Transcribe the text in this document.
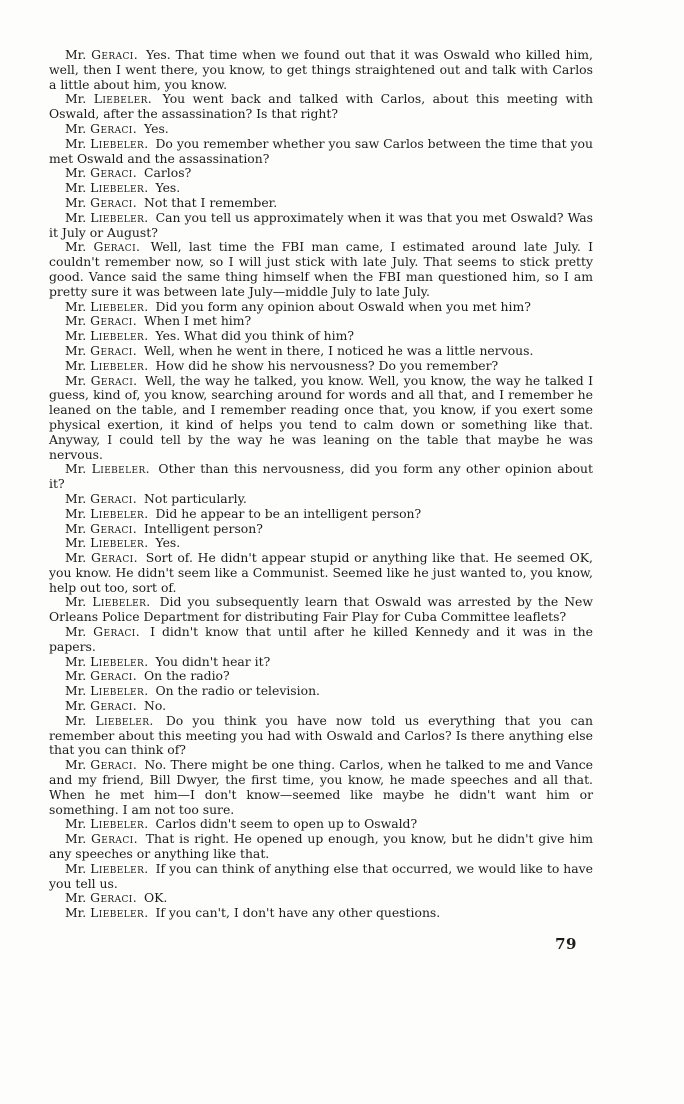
Mr. Geraci. Yes. That time when we found out that it was Oswald who killed him, well, then I went there, you know, to get things straightened out and talk with Carlos a little about him, you know.

Mr. Liebeler. You went back and talked with Carlos, about this meeting with Oswald, after the assassination? Is that right?

Mr. Geraci. Yes.

Mr. Liebeler. Do you remember whether you saw Carlos between the time that you met Oswald and the assassination?

Mr. Geraci. Carlos?

Mr. Liebeler. Yes.

Mr. Geraci. Not that I remember.

Mr. Liebeler. Can you tell us approximately when it was that you met Oswald? Was it July or August?

Mr. Geraci. Well, last time the FBI man came, I estimated around late July. I couldn't remember now, so I will just stick with late July. That seems to stick pretty good. Vance said the same thing himself when the FBI man questioned him, so I am pretty sure it was between late July—middle July to late July.

Mr. Liebeler. Did you form any opinion about Oswald when you met him?

Mr. Geraci. When I met him?

Mr. Liebeler. Yes. What did you think of him?

Mr. Geraci. Well, when he went in there, I noticed he was a little nervous.

Mr. Liebeler. How did he show his nervousness? Do you remember?

Mr. Geraci. Well, the way he talked, you know. Well, you know, the way he talked I guess, kind of, you know, searching around for words and all that, and I remember he leaned on the table, and I remember reading once that, you know, if you exert some physical exertion, it kind of helps you tend to calm down or something like that. Anyway, I could tell by the way he was leaning on the table that maybe he was nervous.

Mr. Liebeler. Other than this nervousness, did you form any other opinion about it?

Mr. Geraci. Not particularly.

Mr. Liebeler. Did he appear to be an intelligent person?

Mr. Geraci. Intelligent person?

Mr. Liebeler. Yes.

Mr. Geraci. Sort of. He didn't appear stupid or anything like that. He seemed OK, you know. He didn't seem like a Communist. Seemed like he just wanted to, you know, help out too, sort of.

Mr. Liebeler. Did you subsequently learn that Oswald was arrested by the New Orleans Police Department for distributing Fair Play for Cuba Committee leaflets?

Mr. Geraci. I didn't know that until after he killed Kennedy and it was in the papers.

Mr. Liebeler. You didn't hear it?

Mr. Geraci. On the radio?

Mr. Liebeler. On the radio or television.

Mr. Geraci. No.

Mr. Liebeler. Do you think you have now told us everything that you can remember about this meeting you had with Oswald and Carlos? Is there anything else that you can think of?

Mr. Geraci. No. There might be one thing. Carlos, when he talked to me and Vance and my friend, Bill Dwyer, the first time, you know, he made speeches and all that. When he met him—I don't know—seemed like maybe he didn't want him or something. I am not too sure.

Mr. Liebeler. Carlos didn't seem to open up to Oswald?

Mr. Geraci. That is right. He opened up enough, you know, but he didn't give him any speeches or anything like that.

Mr. Liebeler. If you can think of anything else that occurred, we would like to have you tell us.

Mr. Geraci. OK.

Mr. Liebeler. If you can't, I don't have any other questions.

79
